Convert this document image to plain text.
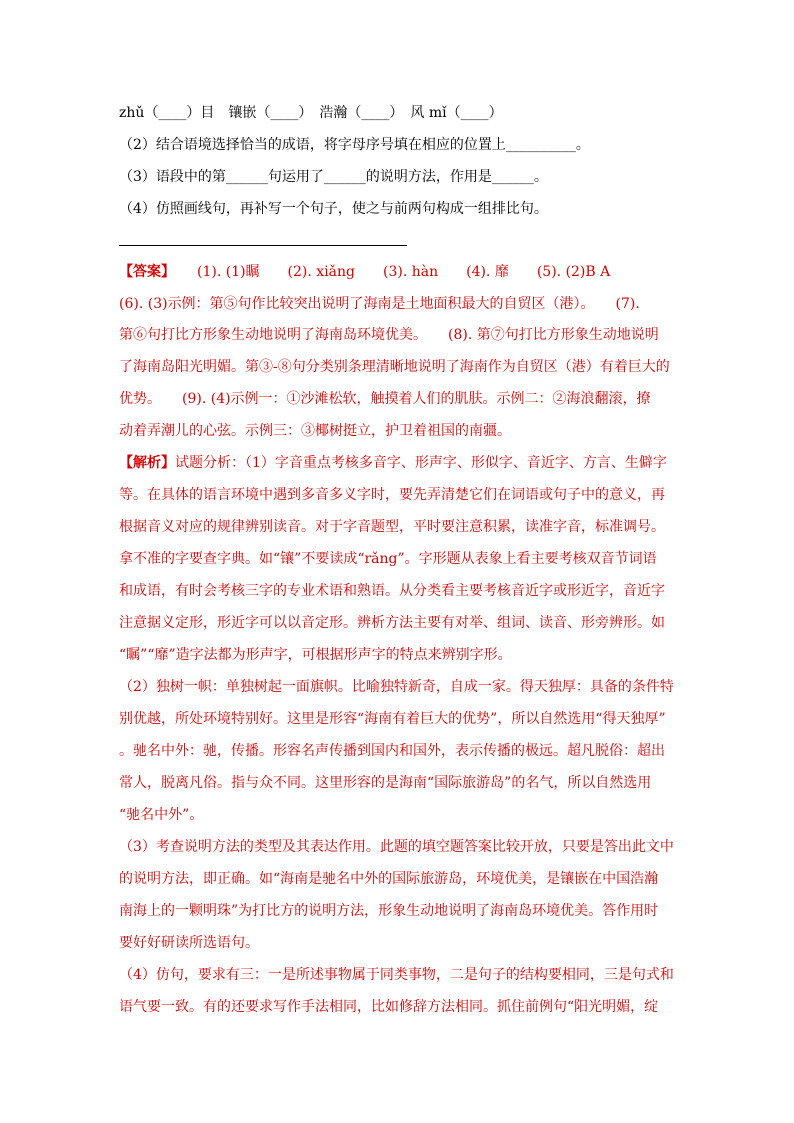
zhǔ（____）目　镶嵌（____）　浩瀚（____）　风 mǐ（____）
（2）结合语境选择恰当的成语，将字母序号填在相应的位置上__________。
（3）语段中的第______句运用了______的说明方法，作用是______。
（4）仿照画线句，再补写一个句子，使之与前两句构成一组排比句。
【答案】 (1). (1)瞩　　(2). xiǎng　　(3). hàn　　(4). 靡　　(5). (2)B A
(6). (3)示例：第⑤句作比较突出说明了海南是土地面积最大的自贸区（港）。　　(7).
第⑥句打比方形象生动地说明了海南岛环境优美。　　(8). 第⑦句打比方形象生动地说明
了海南岛阳光明媚。第③-⑧句分类别条理清晰地说明了海南作为自贸区（港）有着巨大的
优势。　　(9). (4)示例一：①沙滩松软，触摸着人们的肌肤。示例二：②海浪翻滚，撩
动着弄潮儿的心弦。示例三：③椰树挺立，护卫着祖国的南疆。
【解析】试题分析：（1）字音重点考核多音字、形声字、形似字、音近字、方言、生僻字
等。在具体的语言环境中遇到多音多义字时，要先弄清楚它们在词语或句子中的意义，再
根据音义对应的规律辨别读音。对于字音题型，平时要注意积累，读准字音，标准调号。
拿不准的字要查字典。如“镶”不要读成“rǎng”。字形题从表象上看主要考核双音节词语
和成语，有时会考核三字的专业术语和熟语。从分类看主要考核音近字或形近字，音近字
注意据义定形，形近字可以以音定形。辨析方法主要有对举、组词、读音、形旁辨形。如
“瞩”“靡”造字法都为形声字，可根据形声字的特点来辨别字形。
（2）独树一帜：单独树起一面旗帜。比喻独特新奇，自成一家。得天独厚：具备的条件特
别优越，所处环境特别好。这里是形容“海南有着巨大的优势”，所以自然选用“得天独厚”
。驰名中外：驰，传播。形容名声传播到国内和国外，表示传播的极远。超凡脱俗：超出
常人，脱离凡俗。指与众不同。这里形容的是海南“国际旅游岛”的名气，所以自然选用
“驰名中外”。
（3）考查说明方法的类型及其表达作用。此题的填空题答案比较开放，只要是答出此文中
的说明方法，即正确。如“海南是驰名中外的国际旅游岛，环境优美，是镶嵌在中国浩瀚
南海上的一颗明珠”为打比方的说明方法，形象生动地说明了海南岛环境优美。答作用时
要好好研读所选语句。
（4）仿句，要求有三：一是所述事物属于同类事物，二是句子的结构要相同，三是句式和
语气要一致。有的还要求写作手法相同，比如修辞方法相同。抓住前例句“阳光明媚，绽
